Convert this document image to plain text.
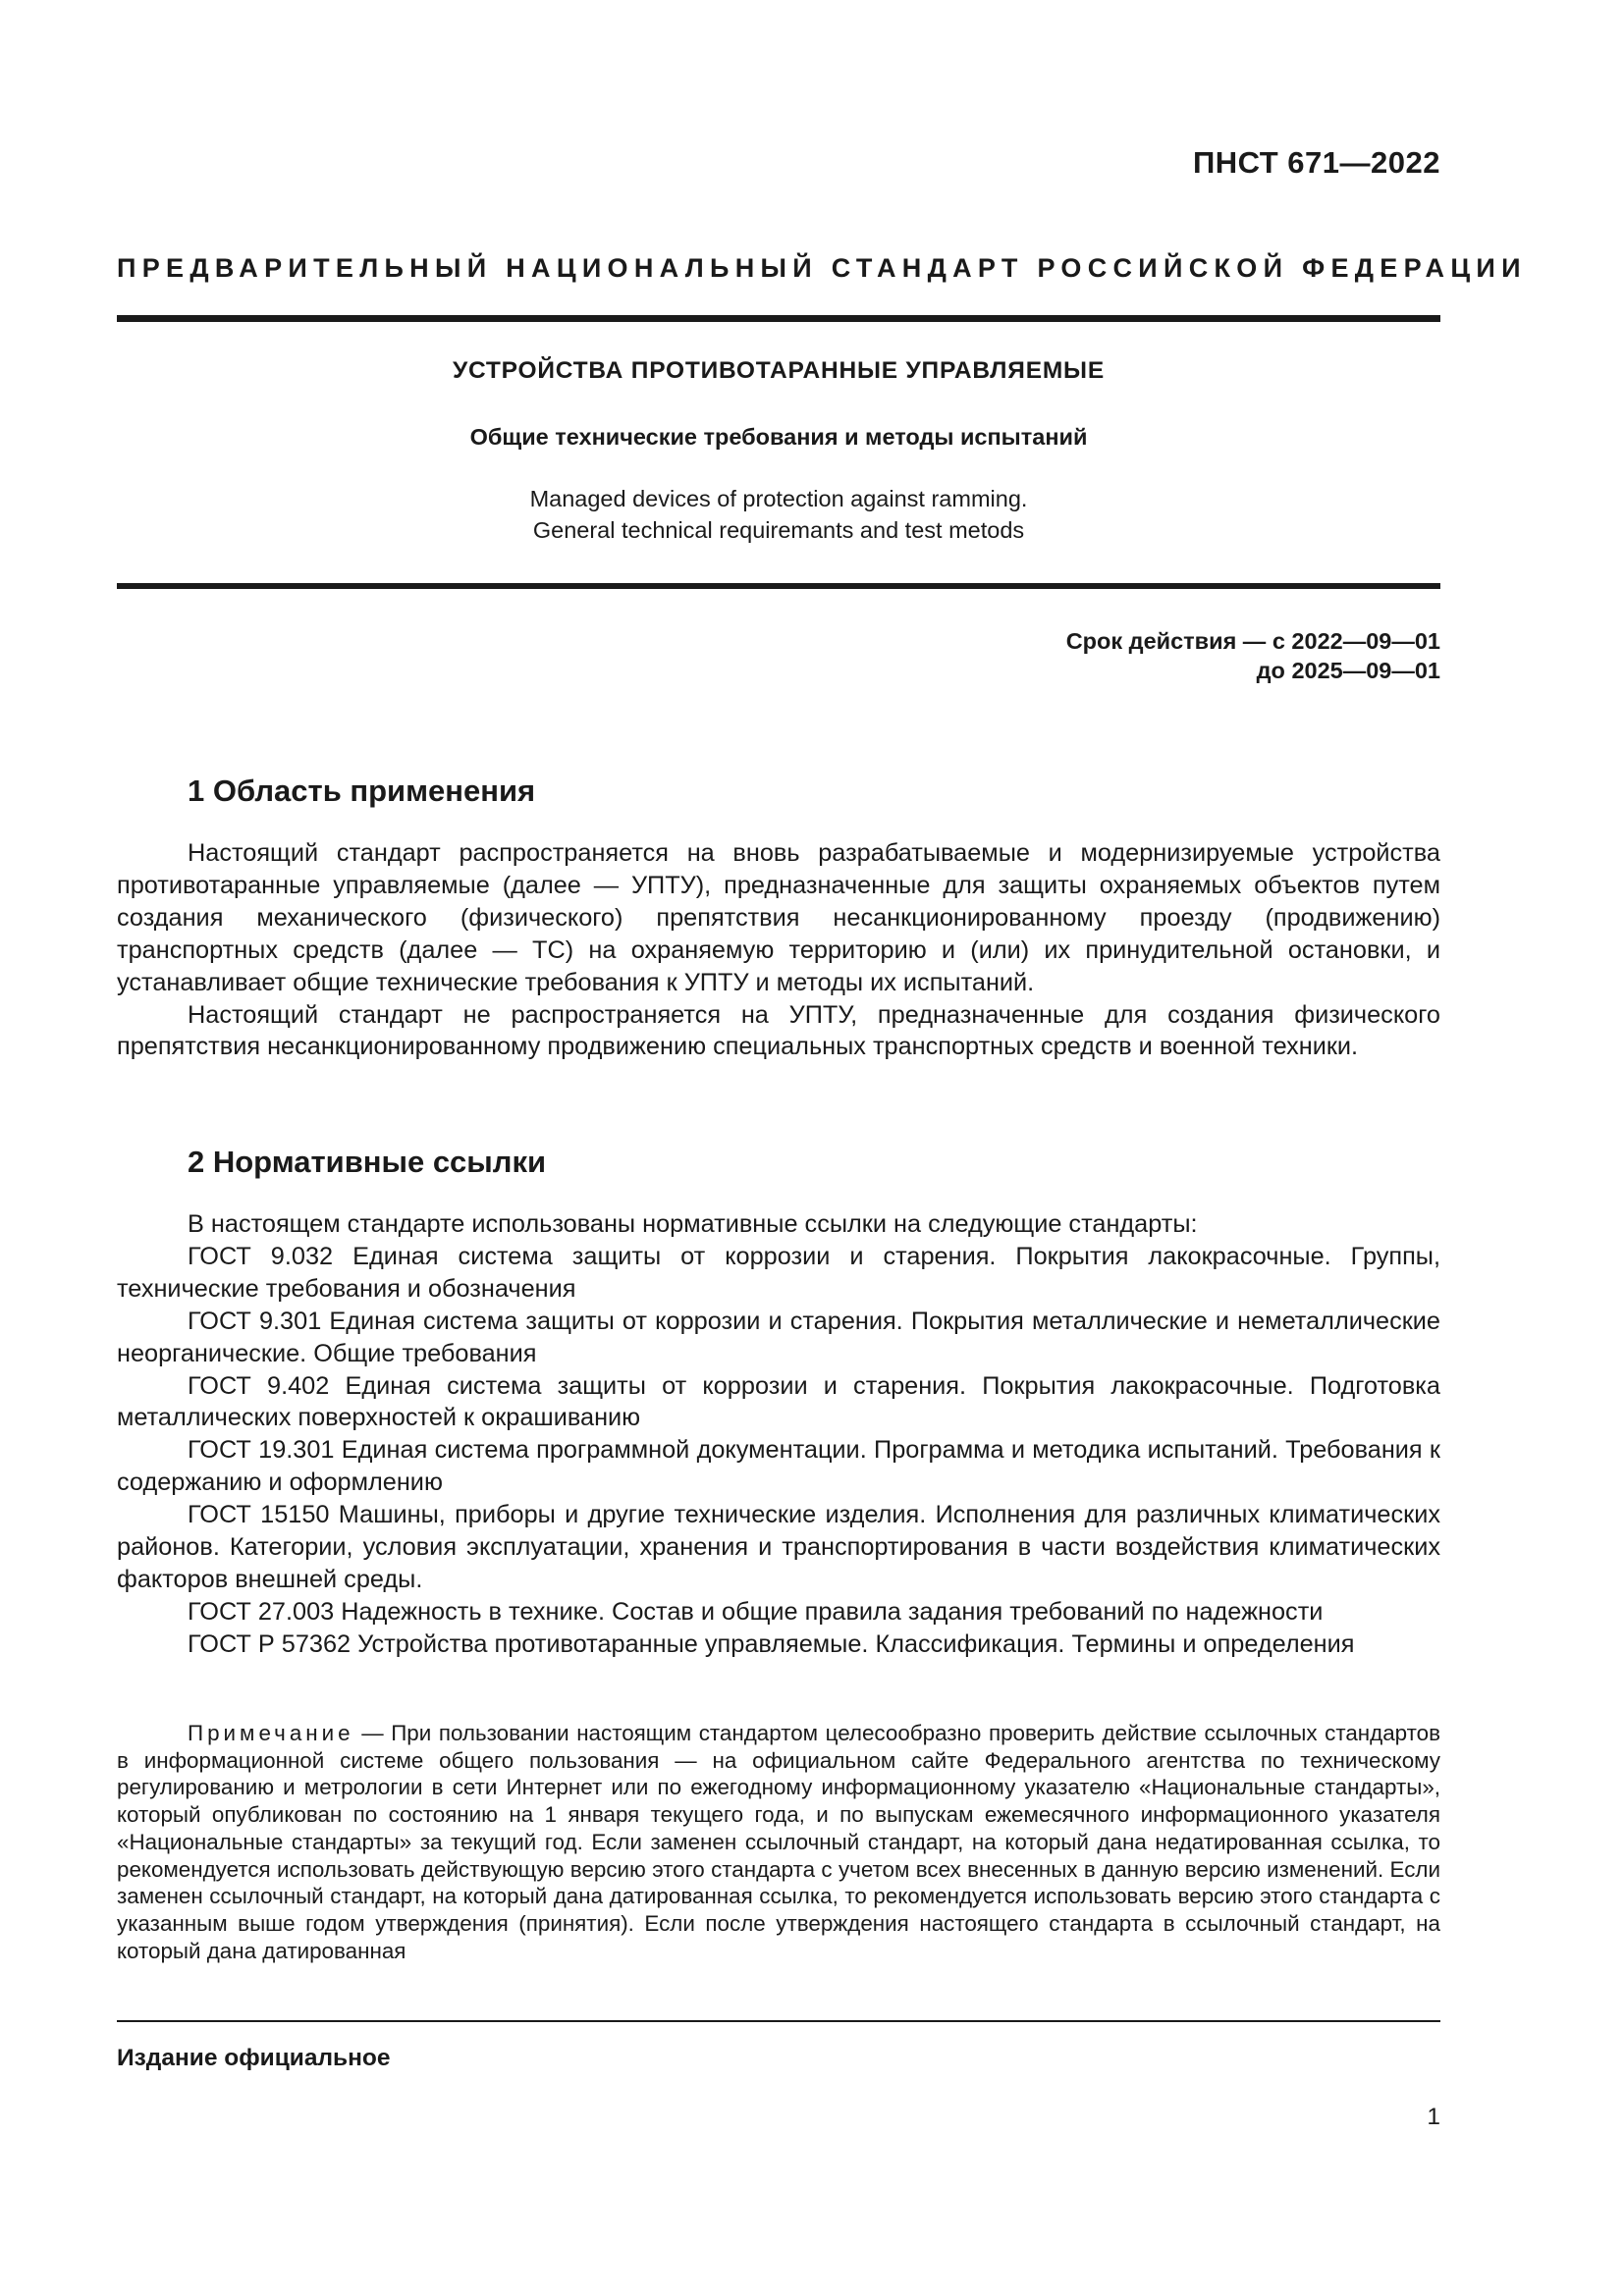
ПНСТ 671—2022
ПРЕДВАРИТЕЛЬНЫЙ НАЦИОНАЛЬНЫЙ СТАНДАРТ РОССИЙСКОЙ ФЕДЕРАЦИИ
УСТРОЙСТВА ПРОТИВОТАРАННЫЕ УПРАВЛЯЕМЫЕ
Общие технические требования и методы испытаний
Managed devices of protection against ramming.
General technical requiremants and test metods
Срок действия — с 2022—09—01
до 2025—09—01
1 Область применения

Настоящий стандарт распространяется на вновь разрабатываемые и модернизируемые устройства противотаранные управляемые (далее — УПТУ), предназначенные для защиты охраняемых объектов путем создания механического (физического) препятствия несанкционированному проезду (продвижению) транспортных средств (далее — ТС) на охраняемую территорию и (или) их принудительной остановки, и устанавливает общие технические требования к УПТУ и методы их испытаний.

Настоящий стандарт не распространяется на УПТУ, предназначенные для создания физического препятствия несанкционированному продвижению специальных транспортных средств и военной техники.

2 Нормативные ссылки

В настоящем стандарте использованы нормативные ссылки на следующие стандарты:

ГОСТ 9.032 Единая система защиты от коррозии и старения. Покрытия лакокрасочные. Группы, технические требования и обозначения

ГОСТ 9.301 Единая система защиты от коррозии и старения. Покрытия металлические и неметаллические неорганические. Общие требования

ГОСТ 9.402 Единая система защиты от коррозии и старения. Покрытия лакокрасочные. Подготовка металлических поверхностей к окрашиванию

ГОСТ 19.301 Единая система программной документации. Программа и методика испытаний. Требования к содержанию и оформлению

ГОСТ 15150 Машины, приборы и другие технические изделия. Исполнения для различных климатических районов. Категории, условия эксплуатации, хранения и транспортирования в части воздействия климатических факторов внешней среды.

ГОСТ 27.003 Надежность в технике. Состав и общие правила задания требований по надежности

ГОСТ Р 57362 Устройства противотаранные управляемые. Классификация. Термины и определения

Примечание — При пользовании настоящим стандартом целесообразно проверить действие ссылочных стандартов в информационной системе общего пользования — на официальном сайте Федерального агентства по техническому регулированию и метрологии в сети Интернет или по ежегодному информационному указателю «Национальные стандарты», который опубликован по состоянию на 1 января текущего года, и по выпускам ежемесячного информационного указателя «Национальные стандарты» за текущий год. Если заменен ссылочный стандарт, на который дана недатированная ссылка, то рекомендуется использовать действующую версию этого стандарта с учетом всех внесенных в данную версию изменений. Если заменен ссылочный стандарт, на который дана датированная ссылка, то рекомендуется использовать версию этого стандарта с указанным выше годом утверждения (принятия). Если после утверждения настоящего стандарта в ссылочный стандарт, на который дана датированная
Издание официальное
1
